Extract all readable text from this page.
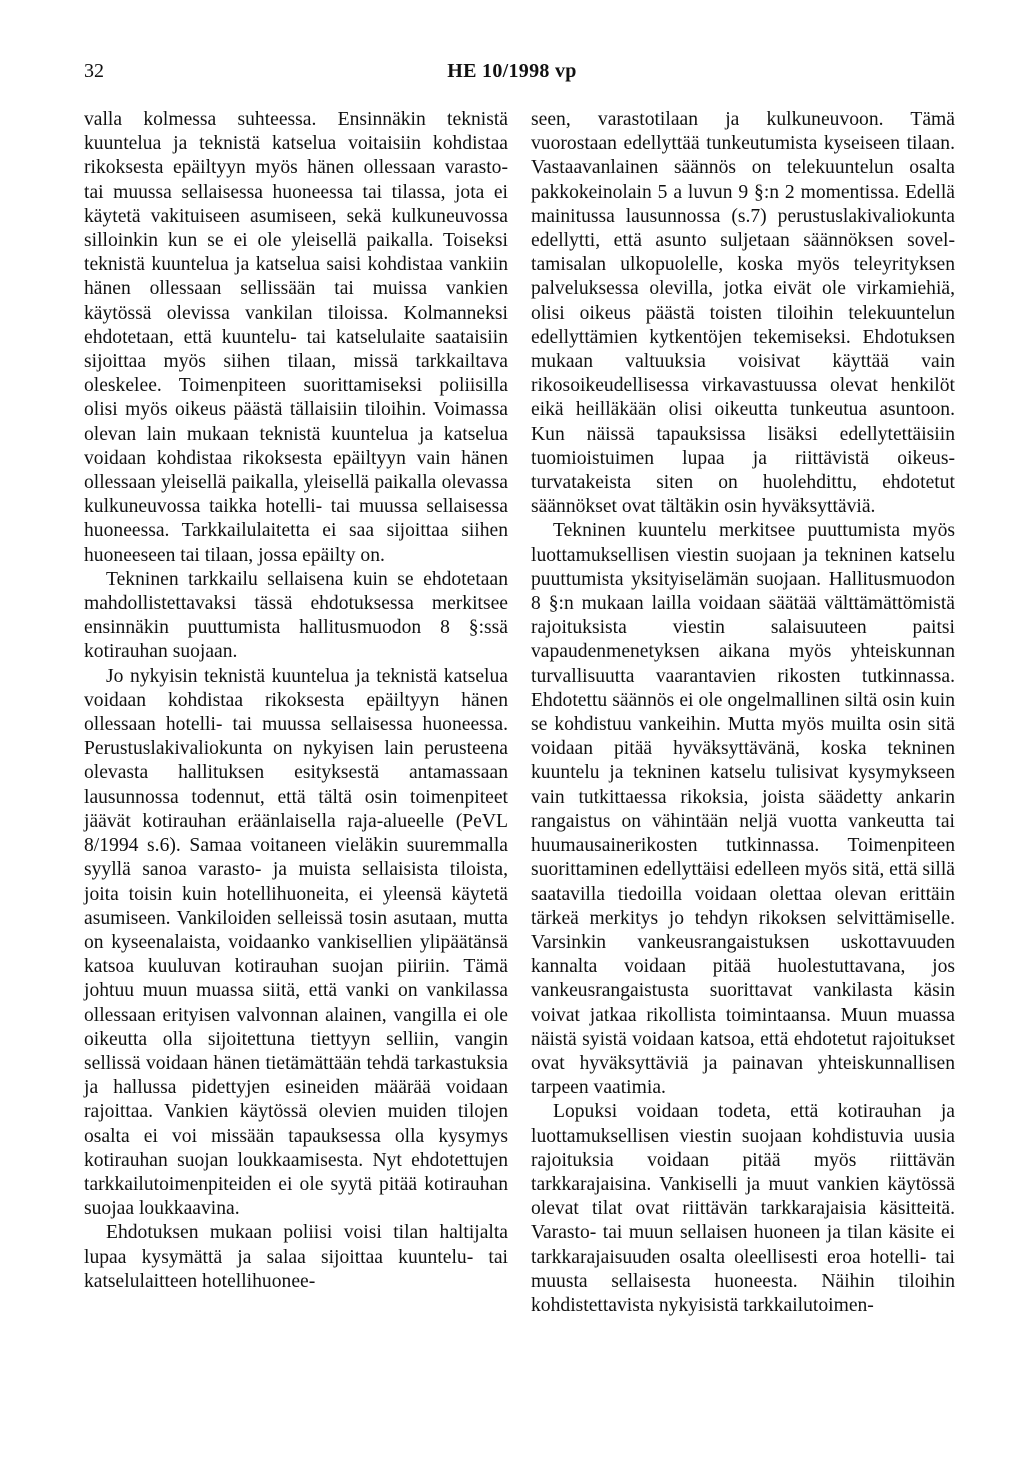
32	HE 10/1998 vp

valla kolmessa suhteessa. Ensinnäkin teknistä kuuntelua ja teknistä katselua voitaisiin kohdistaa rikoksesta epäiltyyn myös hänen ollessaan varasto- tai muussa sellaisessa huoneessa tai tilassa, jota ei käytetä vakituiseen asumiseen, sekä kulkuneuvossa silloinkin kun se ei ole yleisellä paikalla. Toiseksi teknistä kuuntelua ja katselua saisi kohdistaa vankiin hänen ollessaan sellissään tai muissa vankien käytössä olevissa vankilan tiloissa. Kolmanneksi ehdotetaan, että kuuntelu- tai katselulaite saataisiin sijoittaa myös siihen tilaan, missä tarkkailtava oleskelee. Toimenpiteen suorittamiseksi poliisilla olisi myös oikeus päästä tällaisiin tiloihin. Voimassa olevan lain mukaan teknistä kuuntelua ja katselua voidaan kohdistaa rikoksesta epäiltyyn vain hänen ollessaan yleisellä paikalla, yleisellä paikalla olevassa kulkuneuvossa taikka hotelli- tai muussa sellaisessa huoneessa. Tarkkailulaitetta ei saa sijoittaa siihen huoneeseen tai tilaan, jossa epäilty on.

Tekninen tarkkailu sellaisena kuin se ehdotetaan mahdollistettavaksi tässä ehdotuksessa merkitsee ensinnäkin puuttumista hallitusmuodon 8 §:ssä kotirauhan suojaan.

Jo nykyisin teknistä kuuntelua ja teknistä katselua voidaan kohdistaa rikoksesta epäiltyyn hänen ollessaan hotelli- tai muussa sellaisessa huoneessa. Perustuslakivaliokunta on nykyisen lain perusteena olevasta hallituksen esityksestä antamassaan lausunnossa todennut, että tältä osin toimenpiteet jäävät kotirauhan eräänlaisella raja-alueelle (PeVL 8/1994 s.6). Samaa voitaneen vieläkin suuremmalla syyllä sanoa varasto- ja muista sellaisista tiloista, joita toisin kuin hotellihuoneita, ei yleensä käytetä asumiseen. Vankiloiden selleissä tosin asutaan, mutta on kyseenalaista, voidaanko vankisellien ylipäätänsä katsoa kuuluvan kotirauhan suojan piiriin. Tämä johtuu muun muassa siitä, että vanki on vankilassa ollessaan erityisen valvonnan alainen, vangilla ei ole oikeutta olla sijoitettuna tiettyyn selliin, vangin sellissä voidaan hänen tietämättään tehdä tarkastuksia ja hallussa pidettyjen esineiden määrää voidaan rajoittaa. Vankien käytössä olevien muiden tilojen osalta ei voi missään tapauksessa olla kysymys kotirauhan suojan loukkaamisesta. Nyt ehdotettujen tarkkailutoimenpiteiden ei ole syytä pitää kotirauhan suojaa loukkaavina.

Ehdotuksen mukaan poliisi voisi tilan haltijalta lupaa kysymättä ja salaa sijoittaa kuuntelu- tai katselulaitteen hotellihuonee-

seen, varastotilaan ja kulkuneuvoon. Tämä vuorostaan edellyttää tunkeutumista kyseiseen tilaan. Vastaavanlainen säännös on telekuuntelun osalta pakkokeinolain 5 a luvun 9 §:n 2 momentissa. Edellä mainitussa lausunnossa (s.7) perustuslakivaliokunta edellytti, että asunto suljetaan säännöksen soveltamisalan ulkopuolelle, koska myös teleyrityksen palveluksessa olevilla, jotka eivät ole virkamiehiä, olisi oikeus päästä toisten tiloihin telekuuntelun edellyttämien kytkentöjen tekemiseksi. Ehdotuksen mukaan valtuuksia voisivat käyttää vain rikosoikeudellisessa virkavastuussa olevat henkilöt eikä heilläkään olisi oikeutta tunkeutua asuntoon. Kun näissä tapauksissa lisäksi edellytettäisiin tuomioistuimen lupaa ja riittävistä oikeusturvatakeista siten on huolehdittu, ehdotetut säännökset ovat tältäkin osin hyväksyttäviä.

Tekninen kuuntelu merkitsee puuttumista myös luottamuksellisen viestin suojaan ja tekninen katselu puuttumista yksityiselämän suojaan. Hallitusmuodon 8 §:n mukaan lailla voidaan säätää välttämättömistä rajoituksista viestin salaisuuteen paitsi vapaudenmenetyksen aikana myös yhteiskunnan turvallisuutta vaarantavien rikosten tutkinnassa. Ehdotettu säännös ei ole ongelmallinen siltä osin kuin se kohdistuu vankeihin. Mutta myös muilta osin sitä voidaan pitää hyväksyttävänä, koska tekninen kuuntelu ja tekninen katselu tulisivat kysymykseen vain tutkittaessa rikoksia, joista säädetty ankarin rangaistus on vähintään neljä vuotta vankeutta tai huumausainerikosten tutkinnassa. Toimenpiteen suorittaminen edellyttäisi edelleen myös sitä, että sillä saatavilla tiedoilla voidaan olettaa olevan erittäin tärkeä merkitys jo tehdyn rikoksen selvittämiselle. Varsinkin vankeusrangaistuksen uskottavuuden kannalta voidaan pitää huolestuttavana, jos vankeusrangaistusta suorittavat vankilasta käsin voivat jatkaa rikollista toimintaansa. Muun muassa näistä syistä voidaan katsoa, että ehdotetut rajoitukset ovat hyväksyttäviä ja painavan yhteiskunnallisen tarpeen vaatimia.

Lopuksi voidaan todeta, että kotirauhan ja luottamuksellisen viestin suojaan kohdistuvia uusia rajoituksia voidaan pitää myös riittävän tarkkarajaisina. Vankiselli ja muut vankien käytössä olevat tilat ovat riittävän tarkkarajaisia käsitteitä. Varasto- tai muun sellaisen huoneen ja tilan käsite ei tarkkarajaisuuden osalta oleellisesti eroa hotelli- tai muusta sellaisesta huoneesta. Näihin tiloihin kohdistettavista nykyisistä tarkkailutoimen-
